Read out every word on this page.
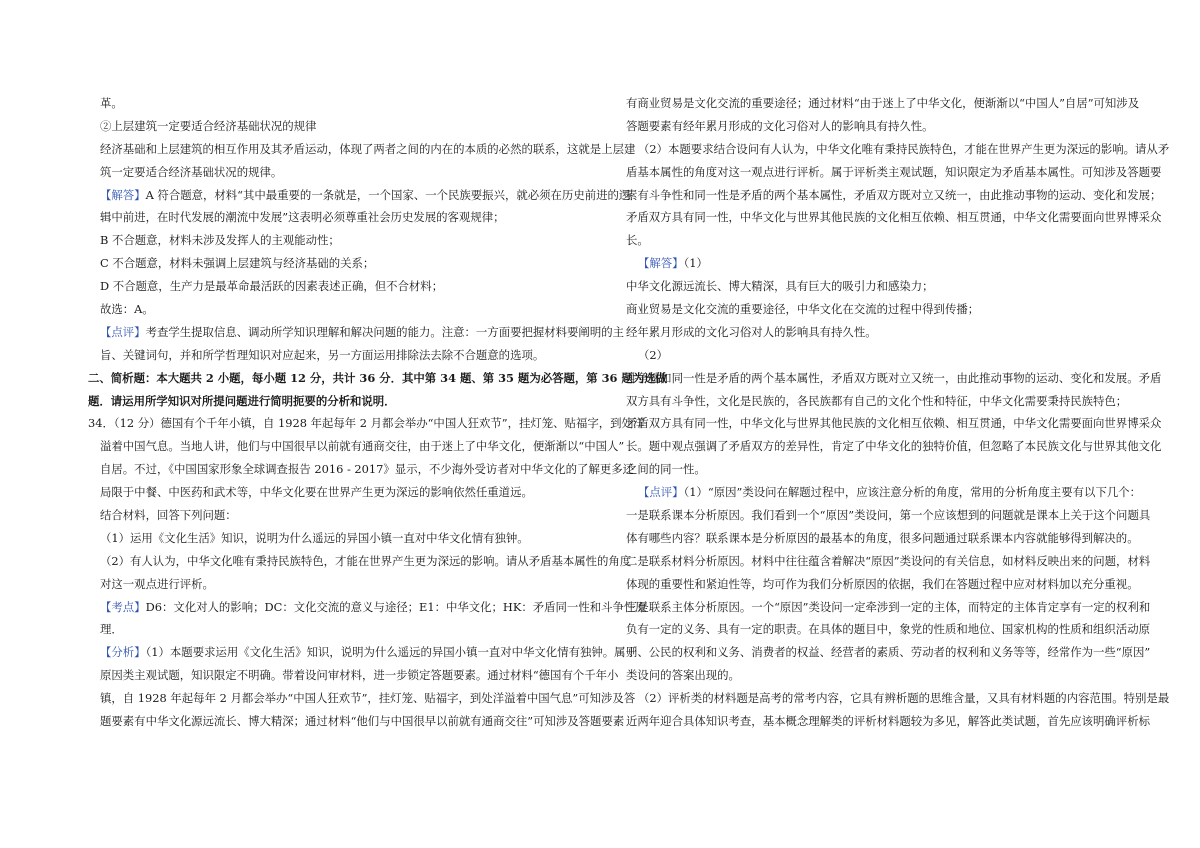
革。
②上层建筑一定要适合经济基础状况的规律
经济基础和上层建筑的相互作用及其矛盾运动，体现了两者之间的内在的本质的必然的联系，这就是上层建
筑一定要适合经济基础状况的规律。
【解答】A 符合题意，材料“其中最重要的一条就是，一个国家、一个民族要振兴，就必须在历史前进的逻
辑中前进，在时代发展的潮流中发展”这表明必须尊重社会历史发展的客观规律；
B 不合题意，材料未涉及发挥人的主观能动性；
C 不合题意，材料未强调上层建筑与经济基础的关系；
D 不合题意，生产力是最革命最活跃的因素表述正确，但不合材料；
故选：A。
【点评】考查学生提取信息、调动所学知识理解和解决问题的能力。注意：一方面要把握材料要阐明的主
旨、关键词句，并和所学哲理知识对应起来，另一方面运用排除法去除不合题意的选项。
二、简析题：本大题共 2 小题，每小题 12 分，共计 36 分．其中第 34 题、第 35 题为必答题，第 36 题为选做
题．请运用所学知识对所提问题进行简明扼要的分析和说明．
34．（12 分）德国有个千年小镇，自 1928 年起每年 2 月都会举办“中国人狂欢节”，挂灯笼、贴福字，到处洋
溢着中国气息。当地人讲，他们与中国很早以前就有通商交往，由于迷上了中华文化，便渐渐以“中国人”
自居。不过，《中国国家形象全球调查报告 2016 - 2017》显示，不少海外受访者对中华文化的了解更多还
局限于中餐、中医药和武术等，中华文化要在世界产生更为深远的影响依然任重道远。
结合材料，回答下列问题：
（1）运用《文化生活》知识，说明为什么遥远的异国小镇一直对中华文化情有独钟。
（2）有人认为，中华文化唯有秉持民族特色，才能在世界产生更为深远的影响。请从矛盾基本属性的角度
对这一观点进行评析。
【考点】D6：文化对人的影响；DC：文化交流的意义与途径；E1：中华文化；HK：矛盾同一性和斗争性原
理．
【分析】（1）本题要求运用《文化生活》知识，说明为什么遥远的异国小镇一直对中华文化情有独钟。属于
原因类主观试题，知识限定不明确。带着设问审材料，进一步锁定答题要素。通过材料“德国有个千年小
镇，自 1928 年起每年 2 月都会举办“中国人狂欢节”，挂灯笼、贴福字，到处洋溢着中国气息”可知涉及答
题要素有中华文化源远流长、博大精深；通过材料“他们与中国很早以前就有通商交往”可知涉及答题要素
有商业贸易是文化交流的重要途径；通过材料“由于迷上了中华文化，便渐渐以“中国人”自居”可知涉及
答题要素有经年累月形成的文化习俗对人的影响具有持久性。
（2）本题要求结合设问有人认为，中华文化唯有秉持民族特色，才能在世界产生更为深远的影响。请从矛
盾基本属性的角度对这一观点进行评析。属于评析类主观试题，知识限定为矛盾基本属性。可知涉及答题要
素有斗争性和同一性是矛盾的两个基本属性，矛盾双方既对立又统一，由此推动事物的运动、变化和发展；
矛盾双方具有同一性，中华文化与世界其他民族的文化相互依赖、相互贯通，中华文化需要面向世界博采众
长。
【解答】（1）
中华文化源远流长、博大精深，具有巨大的吸引力和感染力；
商业贸易是文化交流的重要途径，中华文化在交流的过程中得到传播；
经年累月形成的文化习俗对人的影响具有持久性。
（2）
斗争性和同一性是矛盾的两个基本属性，矛盾双方既对立又统一，由此推动事物的运动、变化和发展。矛盾
双方具有斗争性，文化是民族的，各民族都有自己的文化个性和特征，中华文化需要秉持民族特色；
矛盾双方具有同一性，中华文化与世界其他民族的文化相互依赖、相互贯通，中华文化需要面向世界博采众
长。题中观点强调了矛盾双方的差异性，肯定了中华文化的独特价值，但忽略了本民族文化与世界其他文化
之间的同一性。
【点评】（1）“原因”类设问在解题过程中，应该注意分析的角度，常用的分析角度主要有以下几个：
一是联系课本分析原因。我们看到一个“原因”类设问，第一个应该想到的问题就是课本上关于这个问题具
体有哪些内容？联系课本是分析原因的最基本的角度，很多问题通过联系课本内容就能够得到解决的。
二是联系材料分析原因。材料中往往蕴含着解决“原因”类设问的有关信息，如材料反映出来的问题，材料
体现的重要性和紧迫性等，均可作为我们分析原因的依据，我们在答题过程中应对材料加以充分重视。
三是联系主体分析原因。一个“原因”类设问一定牵涉到一定的主体，而特定的主体肯定享有一定的权利和
负有一定的义务、具有一定的职责。在具体的题目中，象党的性质和地位、国家机构的性质和组织活动原
则、公民的权利和义务、消费者的权益、经营者的素质、劳动者的权利和义务等等，经常作为一些“原因”
类设问的答案出现的。
（2）评析类的材料题是高考的常考内容，它具有辨析题的思维含量，又具有材料题的内容范围。特别是最
近两年迎合具体知识考查，基本概念理解类的评析材料题较为多见，解答此类试题，首先应该明确评析标
